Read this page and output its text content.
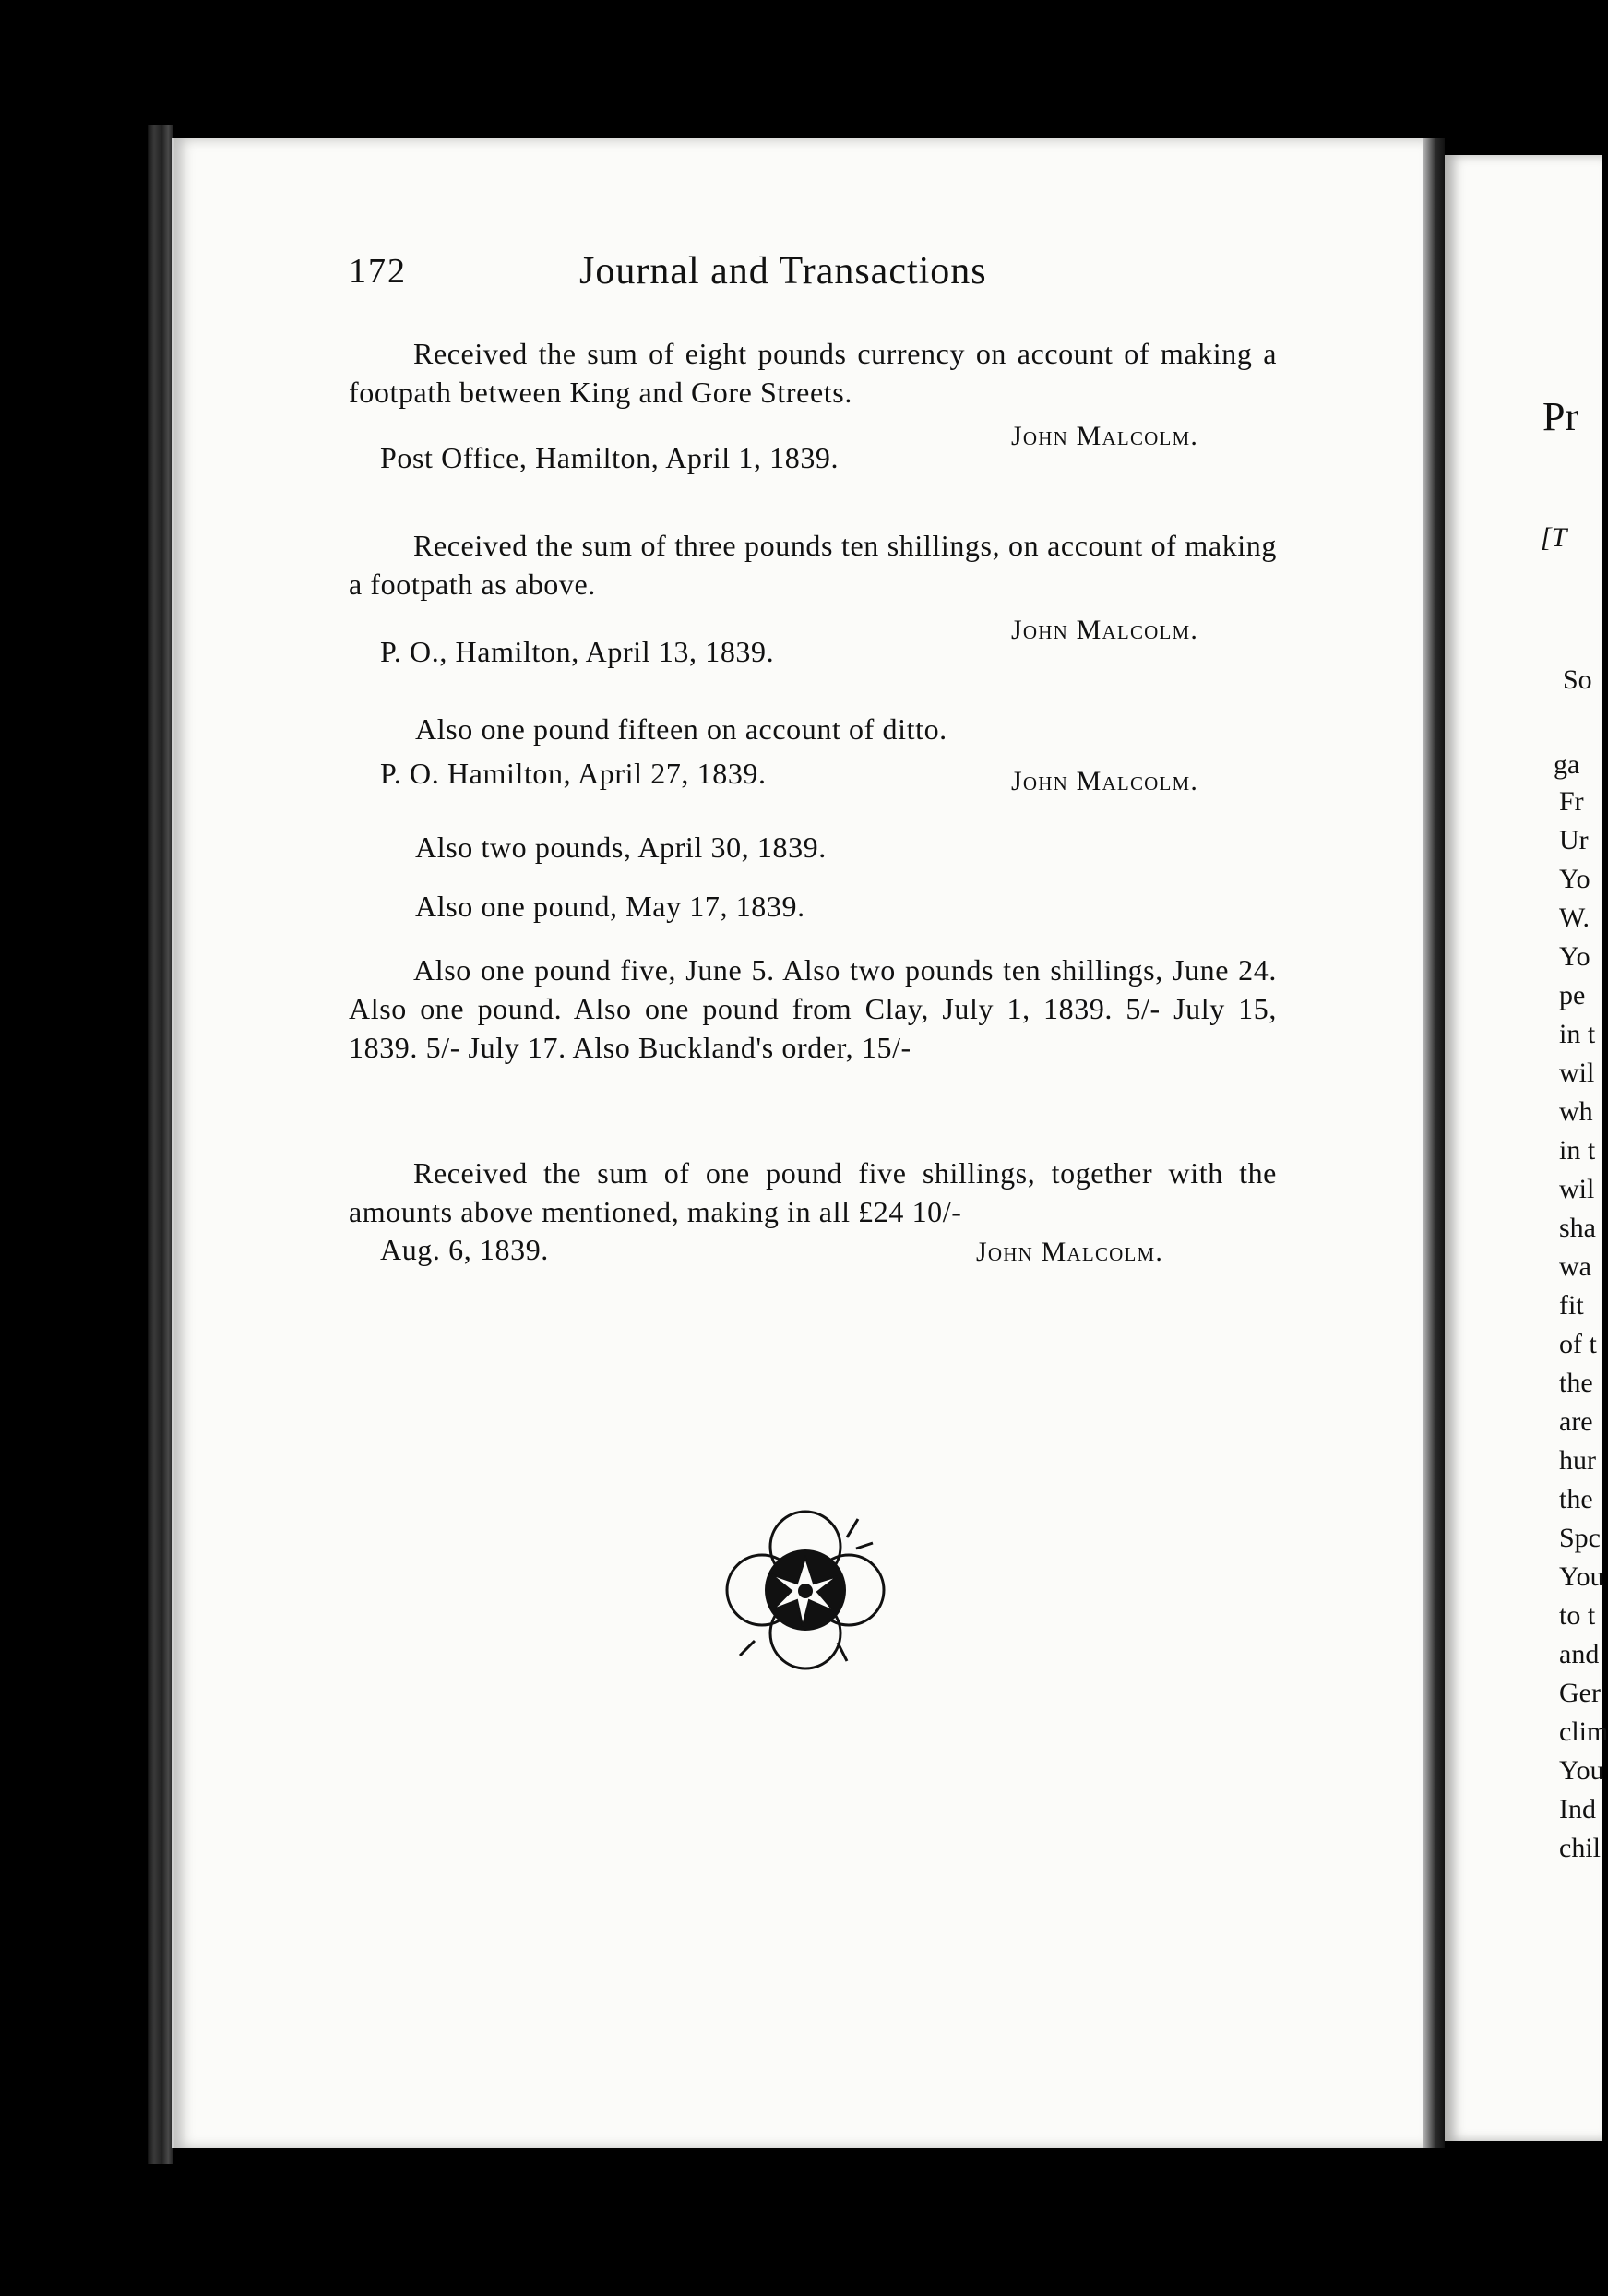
172	Journal and Transactions
Received the sum of eight pounds currency on account of making a footpath between King and Gore Streets.
John Malcolm.
Post Office, Hamilton, April 1, 1839.
Received the sum of three pounds ten shillings, on account of making a footpath as above.
John Malcolm.
P. O., Hamilton, April 13, 1839.
Also one pound fifteen on account of ditto.
P. O. Hamilton, April 27, 1839.	John Malcolm.
Also two pounds, April 30, 1839.
Also one pound, May 17, 1839.
Also one pound five, June 5. Also two pounds ten shillings, June 24. Also one pound. Also one pound from Clay, July 1, 1839. 5/- July 15, 1839. 5/- July 17. Also Buckland's order, 15/-
Received the sum of one pound five shillings, together with the amounts above mentioned, making in all £24 10/-
Aug. 6, 1839.	John Malcolm.
Pr
[T
So
ga
Fr
Ur
Yo
W.
Yo
pe
in t
wil
wh
in t
wil
sha
wa
fit
of t
the
are
hur
the
Spc
You
to t
and
Ger
clim
You
Ind
chil
